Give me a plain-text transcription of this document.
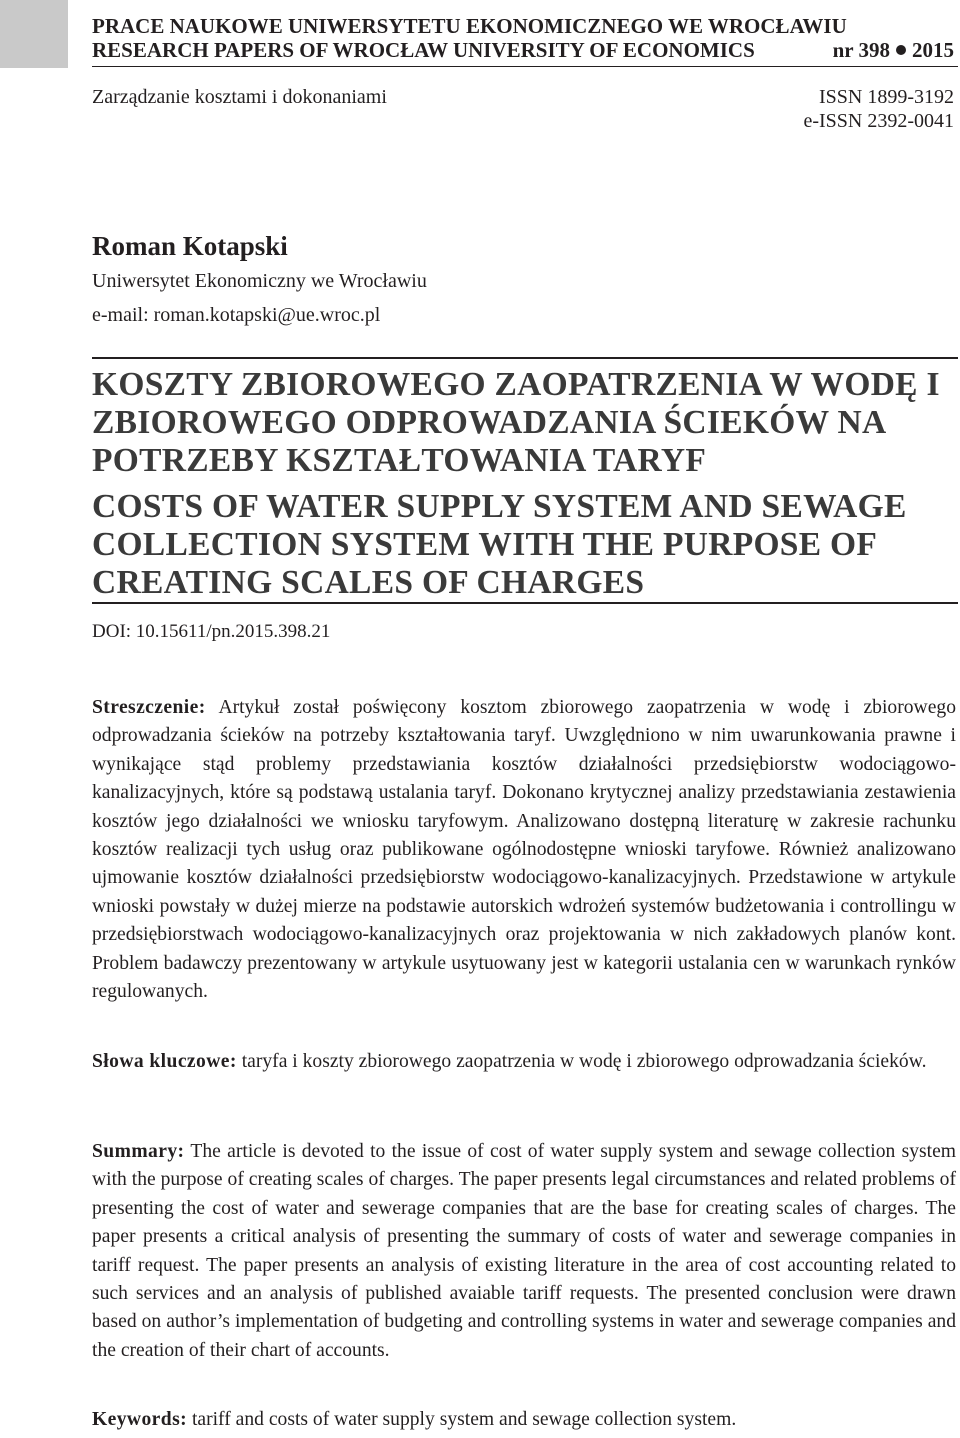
PRACE NAUKOWE UNIWERSYTETU EKONOMICZNEGO WE WROCŁAWIU
RESEARCH PAPERS OF WROCŁAW UNIVERSITY OF ECONOMICS	nr 398 2015
Zarządzanie kosztami i dokonaniami	ISSN 1899-3192
e-ISSN 2392-0041
Roman Kotapski
Uniwersytet Ekonomiczny we Wrocławiu
e-mail: roman.kotapski@ue.wroc.pl
KOSZTY ZBIOROWEGO ZAOPATRZENIA W WODĘ I ZBIOROWEGO ODPROWADZANIA ŚCIEKÓW NA POTRZEBY KSZTAŁTOWANIA TARYF
COSTS OF WATER SUPPLY SYSTEM AND SEWAGE COLLECTION SYSTEM WITH THE PURPOSE OF CREATING SCALES OF CHARGES
DOI: 10.15611/pn.2015.398.21

Streszczenie: Artykuł został poświęcony kosztom zbiorowego zaopatrzenia w wodę i zbiorowego odprowadzania ścieków na potrzeby kształtowania taryf. Uwzględniono w nim uwarunkowania prawne i wynikające stąd problemy przedstawiania kosztów działalności przedsiębiorstw wodociągowo-kanalizacyjnych, które są podstawą ustalania taryf. Dokonano krytycznej analizy przedstawiania zestawienia kosztów jego działalności we wniosku taryfowym. Analizowano dostępną literaturę w zakresie rachunku kosztów realizacji tych usług oraz publikowane ogólnodostępne wnioski taryfowe. Również analizowano ujmowanie kosztów działalności przedsiębiorstw wodociągowo-kanalizacyjnych. Przedstawione w artykule wnioski powstały w dużej mierze na podstawie autorskich wdrożeń systemów budżetowania i controllingu w przedsiębiorstwach wodociągowo-kanalizacyjnych oraz projektowania w nich zakładowych planów kont. Problem badawczy prezentowany w artykule usytuowany jest w kategorii ustalania cen w warunkach rynków regulowanych.

Słowa kluczowe: taryfa i koszty zbiorowego zaopatrzenia w wodę i zbiorowego odprowadzania ścieków.

Summary: The article is devoted to the issue of cost of water supply system and sewage collection system with the purpose of creating scales of charges. The paper presents legal circumstances and related problems of presenting the cost of water and sewerage companies that are the base for creating scales of charges. The paper presents a critical analysis of presenting the summary of costs of water and sewerage companies in tariff request. The paper presents an analysis of existing literature in the area of cost accounting related to such services and an analysis of published avaiable tariff requests. The presented conclusion were drawn based on author’s implementation of budgeting and controlling systems in water and sewerage companies and the creation of their chart of accounts.

Keywords: tariff and costs of water supply system and sewage collection system.
